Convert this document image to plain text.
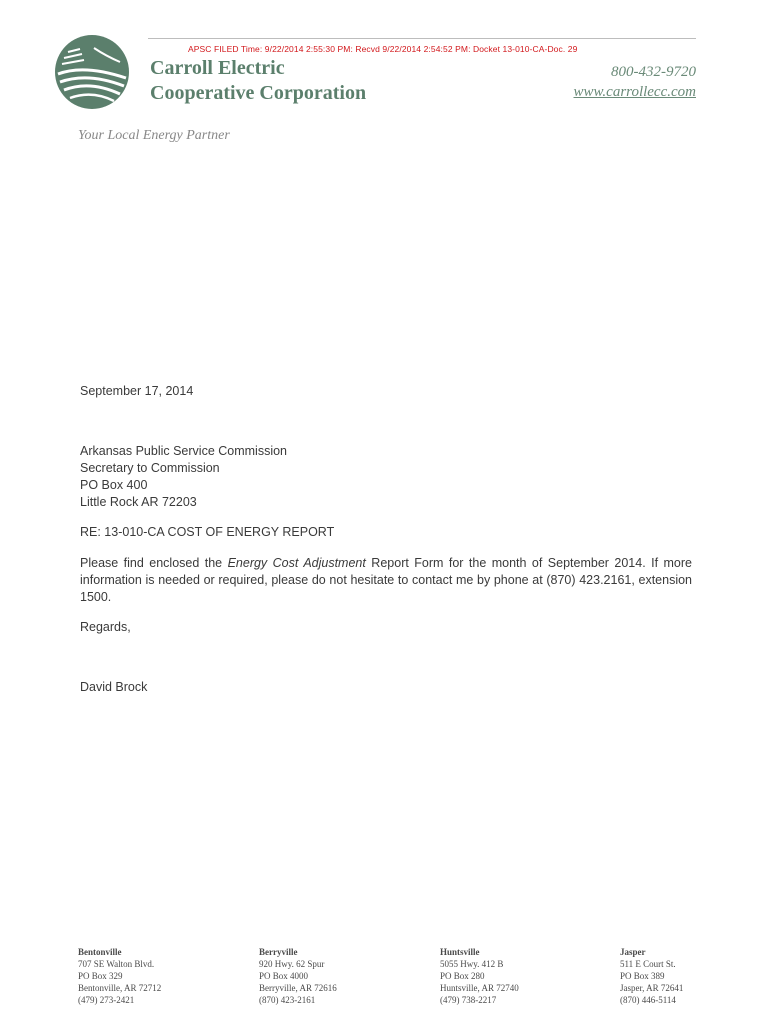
APSC FILED Time: 9/22/2014 2:55:30 PM: Recvd 9/22/2014 2:54:52 PM: Docket 13-010-CA-Doc. 29
Carroll Electric
Cooperative Corporation
800-432-9720
www.carrollecc.com
Your Local Energy Partner
September 17, 2014
Arkansas Public Service Commission
Secretary to Commission
PO Box 400
Little Rock AR 72203
RE: 13-010-CA COST OF ENERGY REPORT
Please find enclosed the Energy Cost Adjustment Report Form for the month of September 2014. If more information is needed or required, please do not hesitate to contact me by phone at (870) 423.2161, extension 1500.
Regards,
David Brock
Bentonville
707 SE Walton Blvd.
PO Box 329
Bentonville, AR 72712
(479) 273-2421
Berryville
920 Hwy. 62 Spur
PO Box 4000
Berryville, AR 72616
(870) 423-2161
Huntsville
5055 Hwy. 412 B
PO Box 280
Huntsville, AR 72740
(479) 738-2217
Jasper
511 E Court St.
PO Box 389
Jasper, AR 72641
(870) 446-5114
